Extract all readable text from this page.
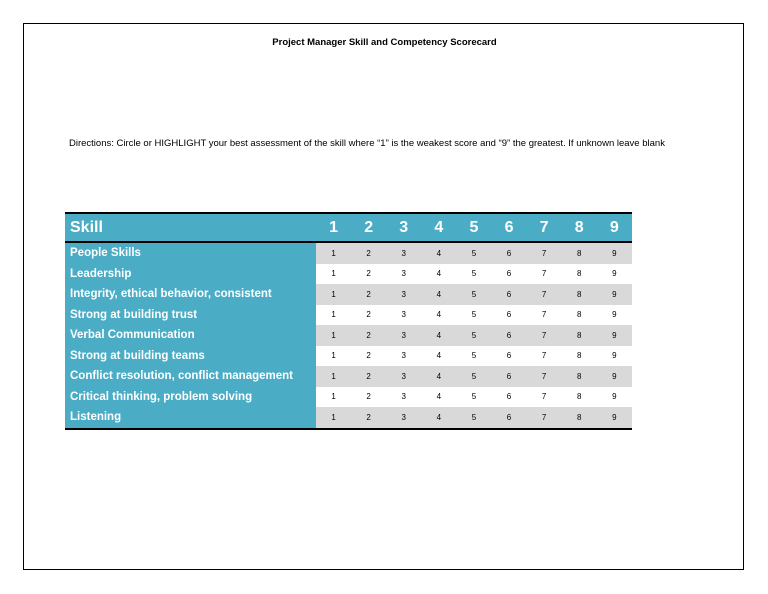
Project Manager Skill and Competency Scorecard
Directions: Circle or HIGHLIGHT your best assessment of the skill where “1” is the weakest score and “9” the greatest. If unknown leave blank
Skill	1	2	3	4	5	6	7	8	9
People Skills	1	2	3	4	5	6	7	8	9
Leadership	1	2	3	4	5	6	7	8	9
Integrity, ethical behavior, consistent	1	2	3	4	5	6	7	8	9
Strong at building trust	1	2	3	4	5	6	7	8	9
Verbal Communication	1	2	3	4	5	6	7	8	9
Strong at building teams	1	2	3	4	5	6	7	8	9
Conflict resolution, conflict management	1	2	3	4	5	6	7	8	9
Critical thinking, problem solving	1	2	3	4	5	6	7	8	9
Listening	1	2	3	4	5	6	7	8	9
